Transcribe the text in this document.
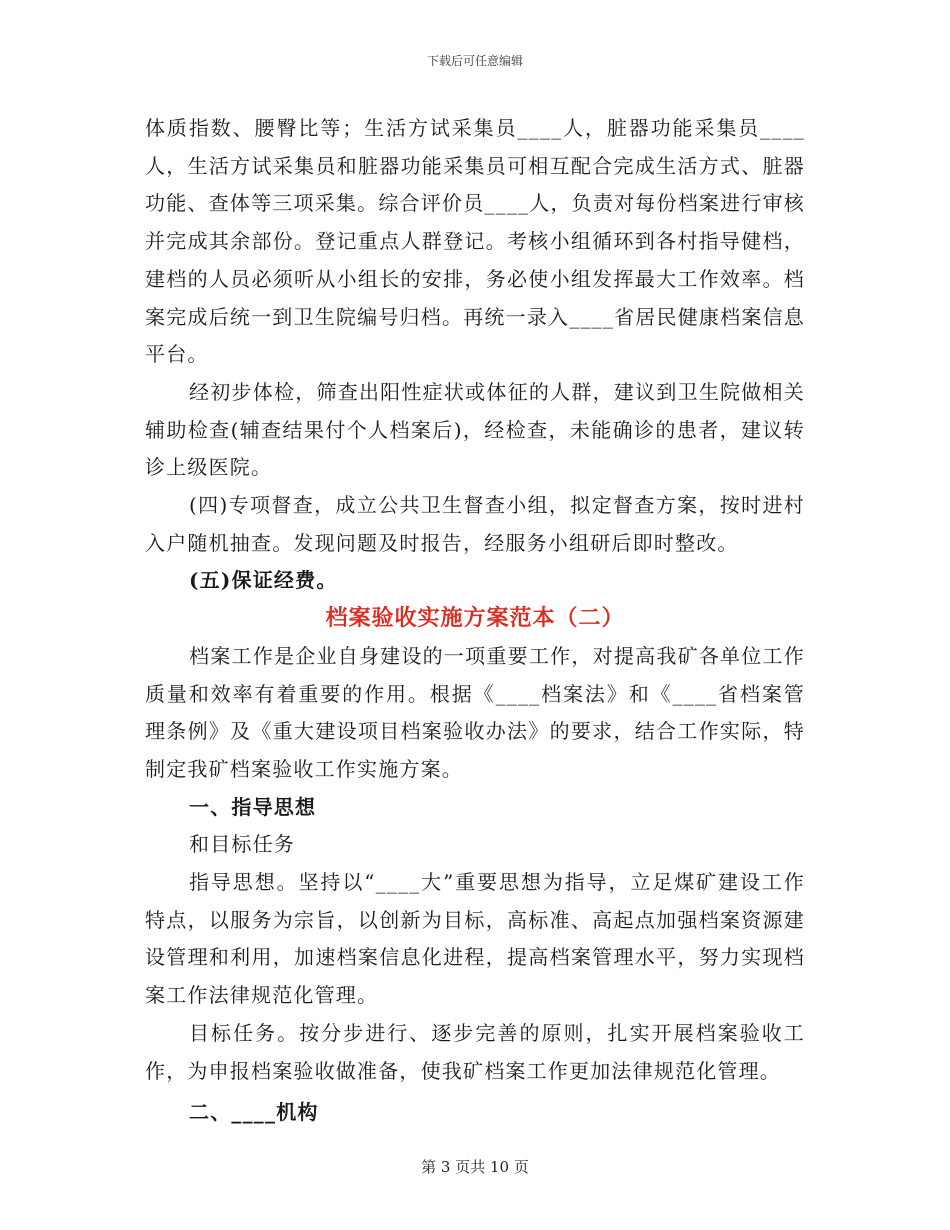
下载后可任意编辑

体质指数、腰臀比等；生活方试采集员____人，脏器功能采集员____人，生活方试采集员和脏器功能采集员可相互配合完成生活方式、脏器功能、查体等三项采集。综合评价员____人，负责对每份档案进行审核并完成其余部份。登记重点人群登记。考核小组循环到各村指导健档，建档的人员必须听从小组长的安排，务必使小组发挥最大工作效率。档案完成后统一到卫生院编号归档。再统一录入____省居民健康档案信息平台。

经初步体检，筛查出阳性症状或体征的人群，建议到卫生院做相关辅助检查(辅查结果付个人档案后)，经检查，未能确诊的患者，建议转诊上级医院。

(四)专项督查，成立公共卫生督查小组，拟定督查方案，按时进村入户随机抽查。发现问题及时报告，经服务小组研后即时整改。

(五)保证经费。

档案验收实施方案范本（二）

档案工作是企业自身建设的一项重要工作，对提高我矿各单位工作质量和效率有着重要的作用。根据《____档案法》和《____省档案管理条例》及《重大建设项目档案验收办法》的要求，结合工作实际，特制定我矿档案验收工作实施方案。

一、指导思想

和目标任务

指导思想。坚持以“____大”重要思想为指导，立足煤矿建设工作特点，以服务为宗旨，以创新为目标，高标准、高起点加强档案资源建设管理和利用，加速档案信息化进程，提高档案管理水平，努力实现档案工作法律规范化管理。

目标任务。按分步进行、逐步完善的原则，扎实开展档案验收工作，为申报档案验收做准备，使我矿档案工作更加法律规范化管理。

二、____机构

第 3 页共 10 页
